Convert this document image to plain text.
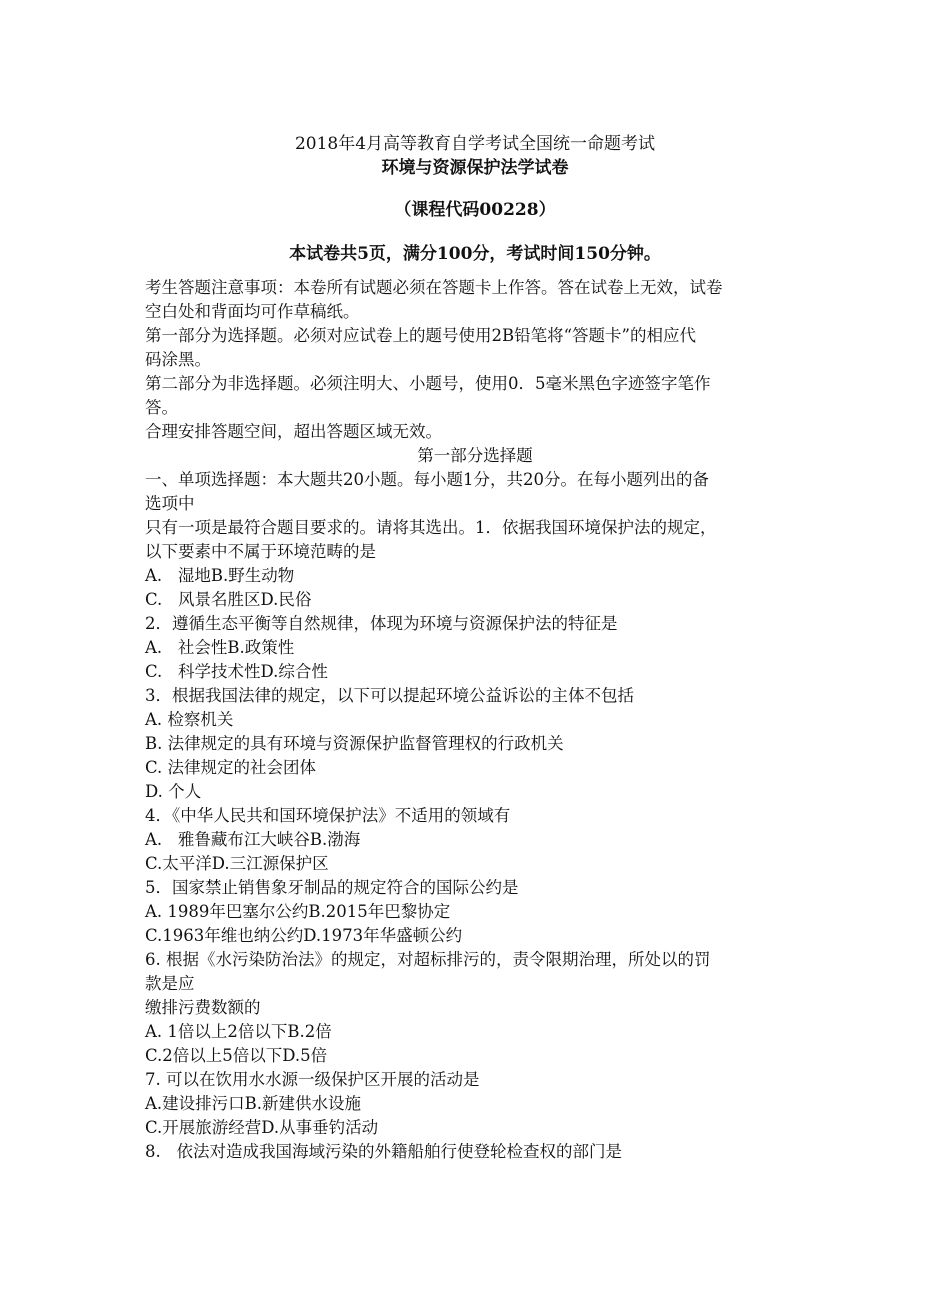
2018年4月高等教育自学考试全国统一命题考试
环境与资源保护法学试卷
（课程代码00228）
本试卷共5页，满分100分，考试时间150分钟。

考生答题注意事项：本卷所有试题必须在答题卡上作答。答在试卷上无效，试卷

空白处和背面均可作草稿纸。

第一部分为选择题。必须对应试卷上的题号使用2B铅笔将“答题卡”的相应代

码涂黑。

第二部分为非选择题。必须注明大、小题号，使用0．5毫米黑色字迹签字笔作

答。

合理安排答题空间，超出答题区域无效。

第一部分选择题

一、单项选择题：本大题共20小题。每小题1分，共20分。在每小题列出的备

选项中

只有一项是最符合题目要求的。请将其选出。1．依据我国环境保护法的规定，

以下要素中不属于环境范畴的是

A.   湿地B.野生动物

C.   风景名胜区D.民俗

2．遵循生态平衡等自然规律，体现为环境与资源保护法的特征是

A.   社会性B.政策性

C.   科学技术性D.综合性

3．根据我国法律的规定，以下可以提起环境公益诉讼的主体不包括

A. 检察机关

B. 法律规定的具有环境与资源保护监督管理权的行政机关

C. 法律规定的社会团体

D. 个人

4．《中华人民共和国环境保护法》不适用的领域有

A.   雅鲁藏布江大峡谷B.渤海

C.太平洋D.三江源保护区

5．国家禁止销售象牙制品的规定符合的国际公约是

A. 1989年巴塞尔公约B.2015年巴黎协定

C.1963年维也纳公约D.1973年华盛顿公约

6. 根据《水污染防治法》的规定，对超标排污的，责令限期治理，所处以的罚

款是应

缴排污费数额的

A. 1倍以上2倍以下B.2倍

C.2倍以上5倍以下D.5倍

7. 可以在饮用水水源一级保护区开展的活动是

A.建设排污口B.新建供水设施

C.开展旅游经营D.从事垂钓活动

8.   依法对造成我国海域污染的外籍船舶行使登轮检查权的部门是
